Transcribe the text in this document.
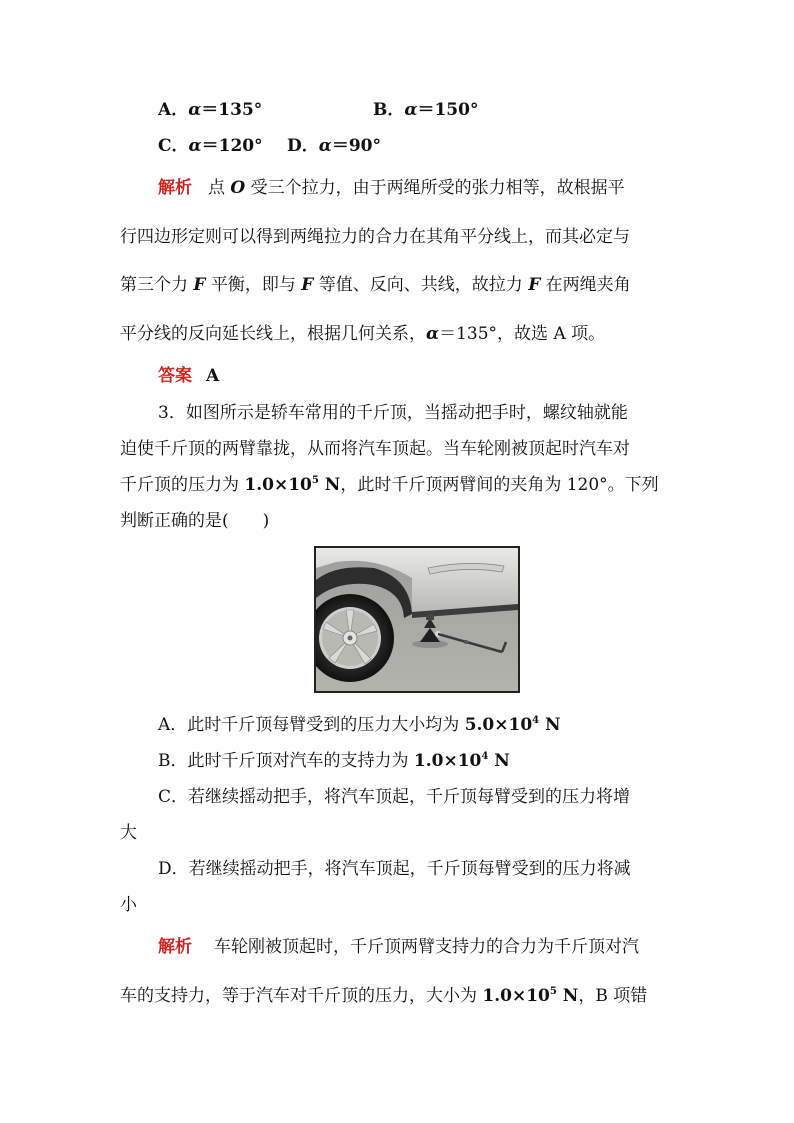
A．α＝135°	B．α＝150°
C．α＝120° D．α＝90°
解析 点 O 受三个拉力，由于两绳所受的张力相等，故根据平
行四边形定则可以得到两绳拉力的合力在其角平分线上，而其必定与
第三个力 F 平衡，即与 F 等值、反向、共线，故拉力 F 在两绳夹角
平分线的反向延长线上，根据几何关系，α＝135°，故选 A 项。
答案 A
3．如图所示是轿车常用的千斤顶，当摇动把手时，螺纹轴就能
迫使千斤顶的两臂靠拢，从而将汽车顶起。当车轮刚被顶起时汽车对
千斤顶的压力为 $1.0\times 10^5$ N，此时千斤顶两臂间的夹角为 120°。下列
判断正确的是(　　)
A．此时千斤顶每臂受到的压力大小均为 $5.0\times 10^4$ N
B．此时千斤顶对汽车的支持力为 $1.0\times 10^4$ N
C．若继续摇动把手，将汽车顶起，千斤顶每臂受到的压力将增
大
D．若继续摇动把手，将汽车顶起，千斤顶每臂受到的压力将减
小
解析 车轮刚被顶起时，千斤顶两臂支持力的合力为千斤顶对汽
车的支持力，等于汽车对千斤顶的压力，大小为 $1.0\times 10^5$ N，B 项错
